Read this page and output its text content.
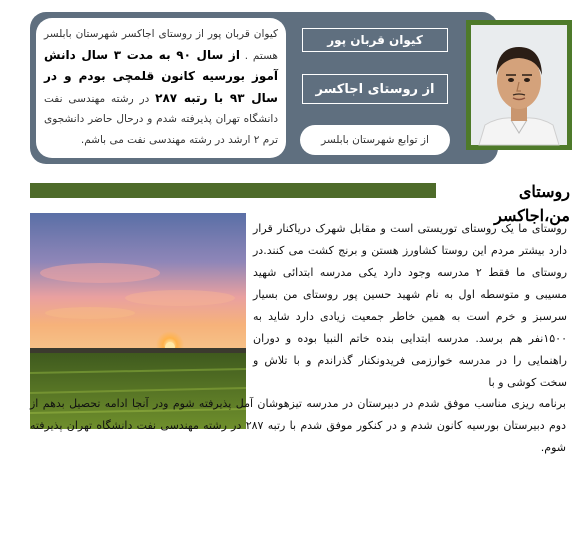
کیوان قربان پور از روستای اجاکسر شهرستان بابلسر هستم . از سال ۹۰ به مدت ۳ سال دانش آموز بورسیه کانون قلمچی بودم و در سال ۹۳ با رتبه ۲۸۷ در رشته مهندسی نفت دانشگاه تهران پذیرفته شدم و درحال حاضر دانشجوی ترم ۲ ارشد در رشته مهندسی نفت می باشم.
کیوان قربان پور
از روستای اجاکسر
از توابع شهرستان بابلسر
روستای من،اجاکسر
روستای ما یک روستای توریستی است و مقابل شهرک دریاکنار قرار دارد بیشتر مردم این روستا کشاورز هستن و برنج کشت می کنند.در روستای ما فقط ۲ مدرسه وجود دارد یکی مدرسه ابتدائی شهید مسیبی و متوسطه اول به نام شهید حسین پور روستای من بسیار سرسبز و خرم است به همین خاطر جمعیت زیادی دارد شاید به ۱۵۰۰نفر هم برسد. مدرسه ابتدایی بنده خاتم النبیا بوده و دوران راهنمایی را در مدرسه خوارزمی فریدونکنار گذراندم و با تلاش و سخت کوشی و با
برنامه ریزی مناسب موفق شدم در دبیرستان در مدرسه تیزهوشان آمل پذیرفته شوم ودر آنجا ادامه تحصیل بدهم از دوم دبیرستان بورسیه کانون شدم و در کنکور موفق شدم با رتبه ۲۸۷ در رشته مهندسی نفت دانشگاه تهران پذیرفته شوم.
